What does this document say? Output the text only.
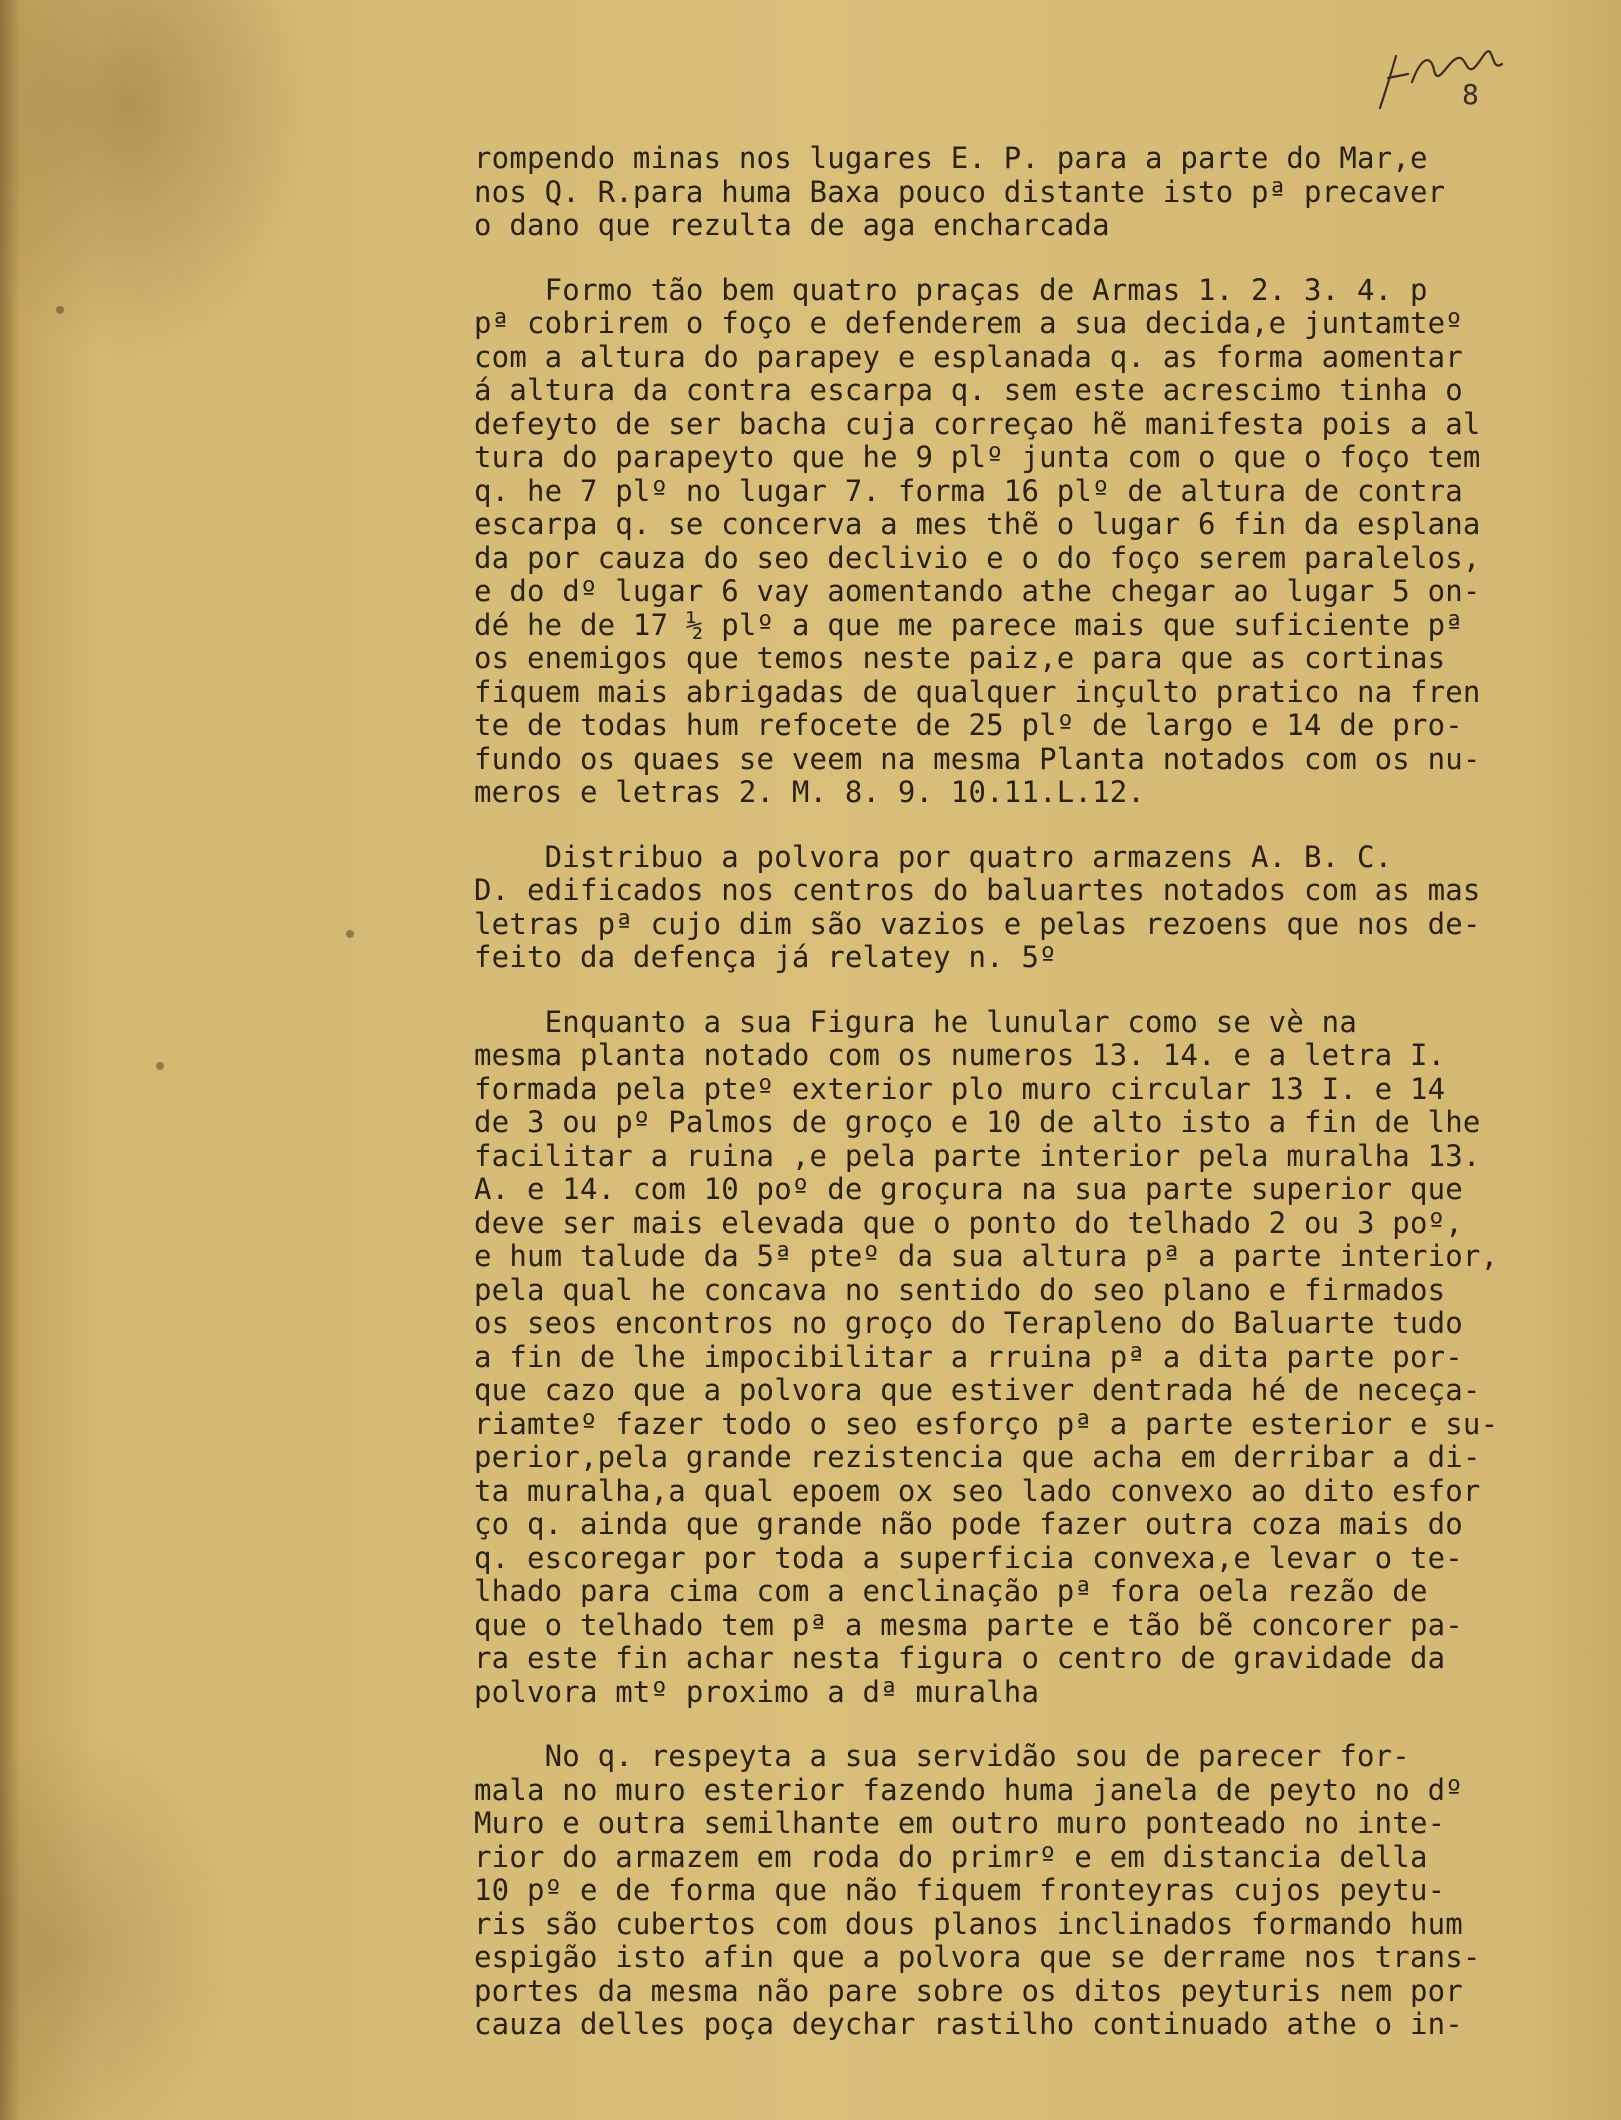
8
rompendo minas nos lugares E. P. para a parte do Mar,e
nos Q. R.para huma Baxa pouco distante isto pª precaver
o dano que rezulta de aga encharcada
Formo tão bem quatro praças de Armas 1. 2. 3. 4. p
pª cobrirem o foço e defenderem a sua decida,e juntamteº
com a altura do parapey e esplanada q. as forma aomentar
á altura da contra escarpa q. sem este acrescimo tinha o
defeyto de ser bacha cuja correçao hẽ manifesta pois a al
tura do parapeyto que he 9 plº junta com o que o foço tem
q. he 7 plº no lugar 7. forma 16 plº de altura de contra
escarpa q. se concerva a mes thẽ o lugar 6 fin da esplana
da por cauza do seo declivio e o do foço serem paralelos,
e do dº lugar 6 vay aomentando athe chegar ao lugar 5 on-
dé he de 17 ½ plº a que me parece mais que suficiente pª
os enemigos que temos neste paiz,e para que as cortinas
fiquem mais abrigadas de qualquer inçulto pratico na fren
te de todas hum refocete de 25 plº de largo e 14 de pro-
fundo os quaes se veem na mesma Planta notados com os nu-
meros e letras 2. M. 8. 9. 10.11.L.12.
Distribuo a polvora por quatro armazens A. B. C.
D. edificados nos centros do baluartes notados com as mas
letras pª cujo dim são vazios e pelas rezoens que nos de-
feito da defença já relatey n. 5º
Enquanto a sua Figura he lunular como se vè na
mesma planta notado com os numeros 13. 14. e a letra I.
formada pela pteº exterior plo muro circular 13 I. e 14
de 3 ou pº Palmos de groço e 10 de alto isto a fin de lhe
facilitar a ruina ,e pela parte interior pela muralha 13.
A. e 14. com 10 poº de groçura na sua parte superior que
deve ser mais elevada que o ponto do telhado 2 ou 3 poº,
e hum talude da 5ª pteº da sua altura pª a parte interior,
pela qual he concava no sentido do seo plano e firmados
os seos encontros no groço do Terapleno do Baluarte tudo
a fin de lhe impocibilitar a rruina pª a dita parte por-
que cazo que a polvora que estiver dentrada hé de neceça-
riamteº fazer todo o seo esforço pª a parte esterior e su-
perior,pela grande rezistencia que acha em derribar a di-
ta muralha,a qual epoem ox seo lado convexo ao dito esfor
ço q. ainda que grande não pode fazer outra coza mais do
q. escoregar por toda a superficia convexa,e levar o te-
lhado para cima com a enclinação pª fora oela rezão de
que o telhado tem pª a mesma parte e tão bẽ concorer pa-
ra este fin achar nesta figura o centro de gravidade da
polvora mtº proximo a dª muralha
No q. respeyta a sua servidão sou de parecer for-
mala no muro esterior fazendo huma janela de peyto no dº
Muro e outra semilhante em outro muro ponteado no inte-
rior do armazem em roda do primrº e em distancia della
10 pº e de forma que não fiquem fronteyras cujos peytu-
ris são cubertos com dous planos inclinados formando hum
espigão isto afin que a polvora que se derrame nos trans-
portes da mesma não pare sobre os ditos peyturis nem por
cauza delles poça deychar rastilho continuado athe o in-
